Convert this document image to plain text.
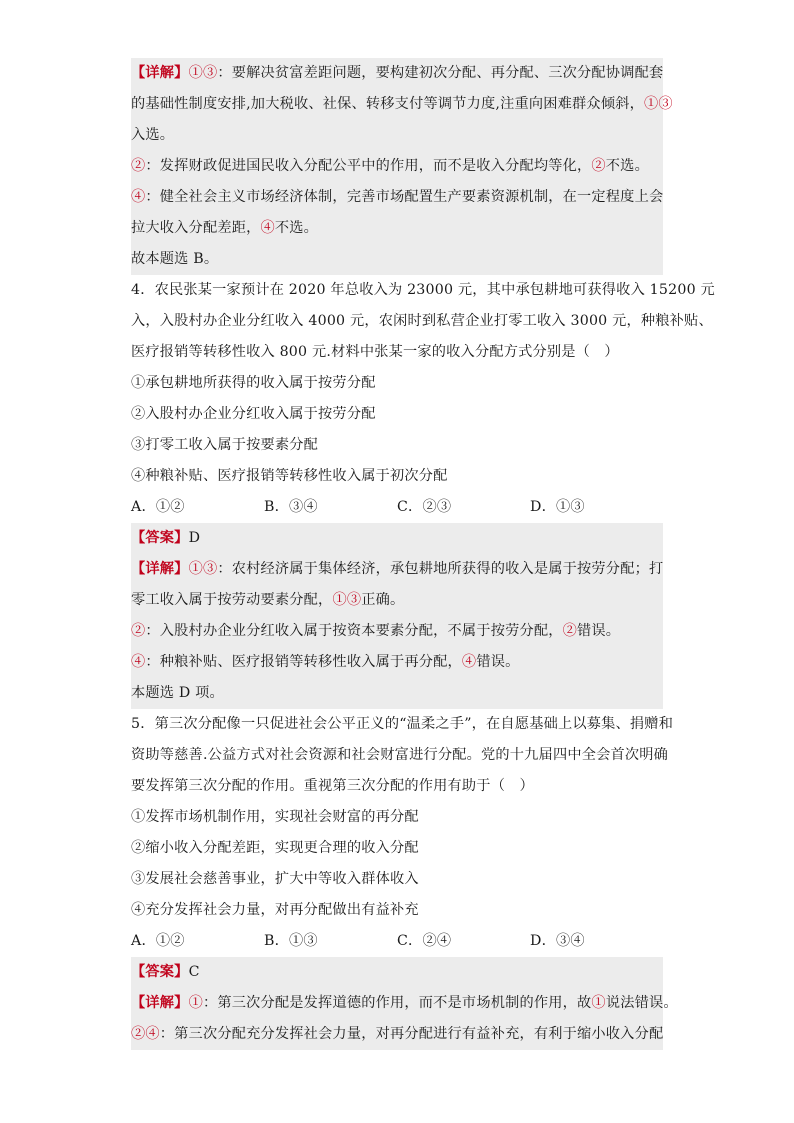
【详解】①③：要解决贫富差距问题，要构建初次分配、再分配、三次分配协调配套
的基础性制度安排,加大税收、社保、转移支付等调节力度,注重向困难群众倾斜，①③
入选。
②：发挥财政促进国民收入分配公平中的作用，而不是收入分配均等化，②不选。
④：健全社会主义市场经济体制，完善市场配置生产要素资源机制，在一定程度上会
拉大收入分配差距，④不选。
故本题选 B。
4．农民张某一家预计在 2020 年总收入为 23000 元，其中承包耕地可获得收入 15200 元
入，入股村办企业分红收入 4000 元，农闲时到私营企业打零工收入 3000 元，种粮补贴、
医疗报销等转移性收入 800 元.材料中张某一家的收入分配方式分别是（　）
①承包耕地所获得的收入属于按劳分配
②入股村办企业分红收入属于按劳分配
③打零工收入属于按要素分配
④种粮补贴、医疗报销等转移性收入属于初次分配
A．①②	B．③④	C．②③	D．①③
【答案】D
【详解】①③：农村经济属于集体经济，承包耕地所获得的收入是属于按劳分配；打
零工收入属于按劳动要素分配，①③正确。
②：入股村办企业分红收入属于按资本要素分配，不属于按劳分配，②错误。
④：种粮补贴、医疗报销等转移性收入属于再分配，④错误。
本题选 D 项。
5．第三次分配像一只促进社会公平正义的“温柔之手”，在自愿基础上以募集、捐赠和
资助等慈善.公益方式对社会资源和社会财富进行分配。党的十九届四中全会首次明确
要发挥第三次分配的作用。重视第三次分配的作用有助于（　）
①发挥市场机制作用，实现社会财富的再分配
②缩小收入分配差距，实现更合理的收入分配
③发展社会慈善事业，扩大中等收入群体收入
④充分发挥社会力量，对再分配做出有益补充
A．①②	B．①③	C．②④	D．③④
【答案】C
【详解】①：第三次分配是发挥道德的作用，而不是市场机制的作用，故①说法错误。
②④：第三次分配充分发挥社会力量，对再分配进行有益补充，有利于缩小收入分配
